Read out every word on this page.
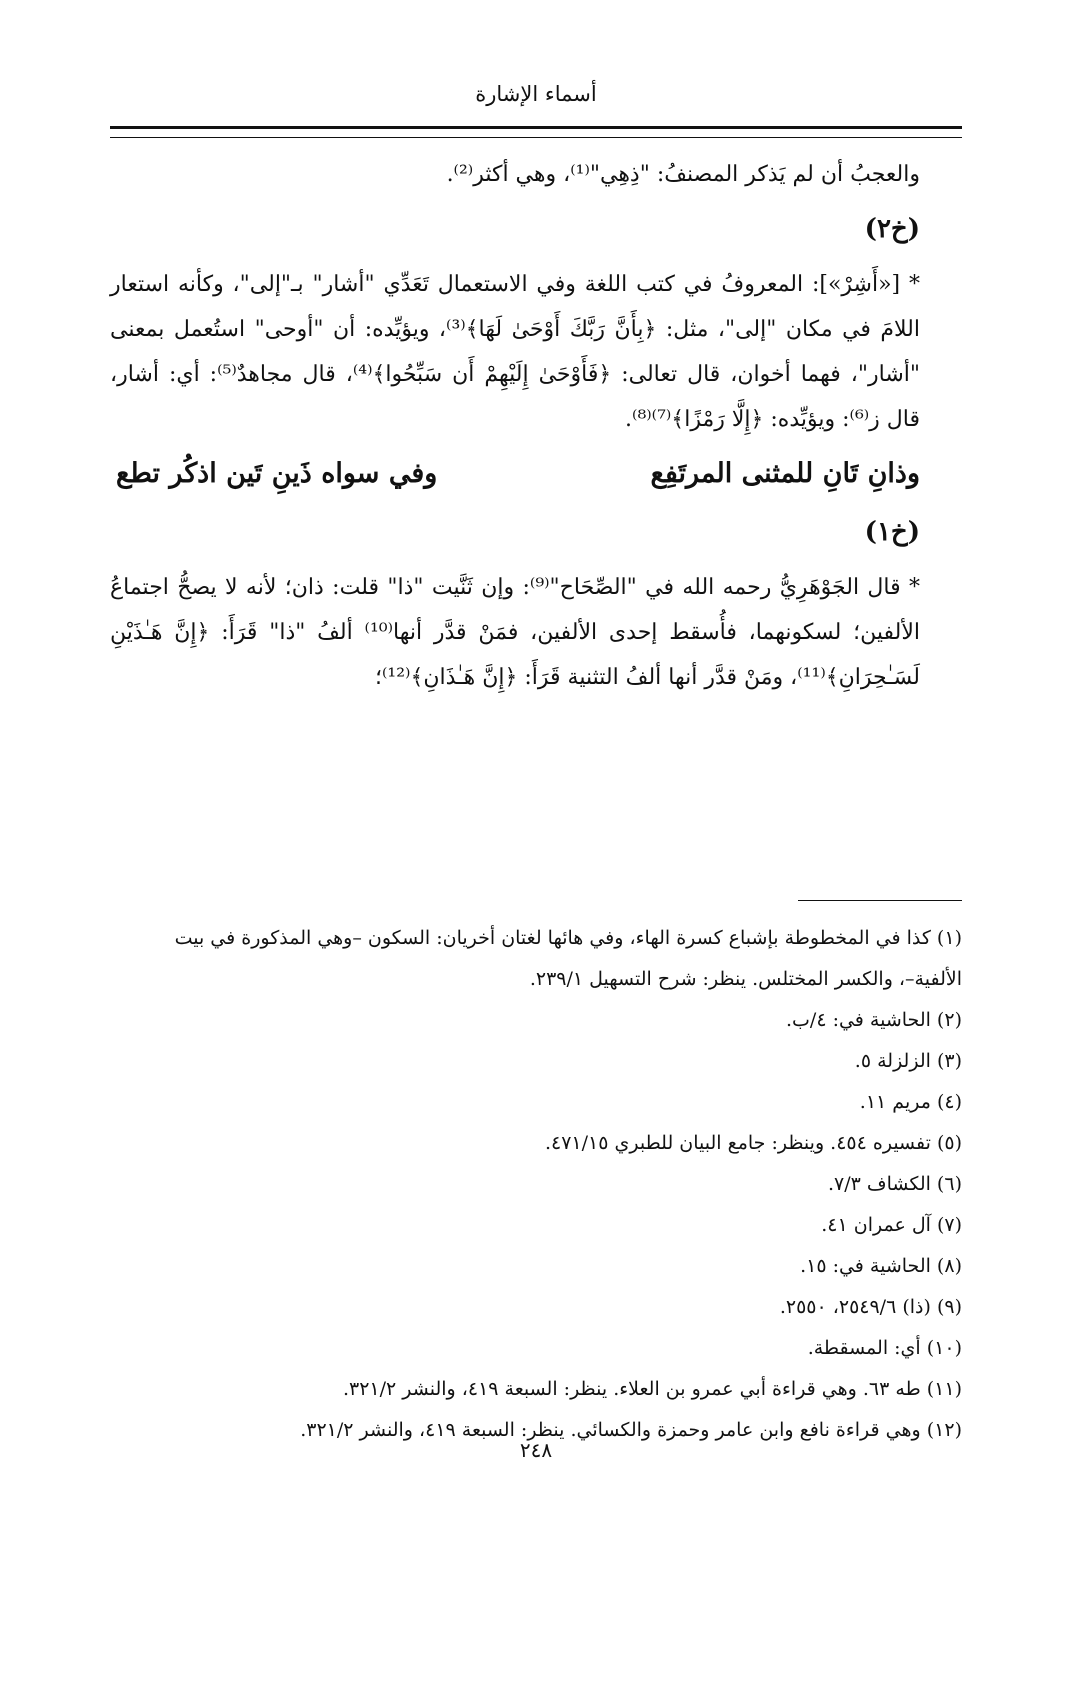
أسماء الإشارة

والعجبُ أن لم يَذكر المصنفُ: "ذِهِي"⁽¹⁾، وهي أكثر⁽²⁾.

(خ٢)

* [«أَشِرْ»]: المعروفُ في كتب اللغة وفي الاستعمال تَعَدِّي "أشار" بـ"إلى"، وكأنه استعار اللامَ في مكان "إلى"، مثل: ﴿بِأَنَّ رَبَّكَ أَوْحَىٰ لَهَا﴾⁽³⁾، ويؤيِّده: أن "أوحى" استُعمل بمعنى "أشار"، فهما أخوان، قال تعالى: ﴿فَأَوْحَىٰ إِلَيْهِمْ أَن سَبِّحُوا﴾⁽⁴⁾، قال مجاهدٌ⁽⁵⁾: أي: أشار، قال ز⁽⁶⁾: ويؤيِّده: ﴿إِلَّا رَمْزًا﴾⁽⁷⁾⁽⁸⁾.

وذانِ تَانِ للمثنى المرتَفِع
وفي سواه ذَينِ تَين اذكُر تطع

(خ١)

* قال الجَوْهَرِيُّ رحمه الله في "الصِّحَاح"⁽⁹⁾: وإن ثَنَّيت "ذا" قلت: ذان؛ لأنه لا يصحُّ اجتماعُ الألفين؛ لسكونهما، فأُسقط إحدى الألفين، فمَنْ قدَّر أنها⁽¹⁰⁾ ألفُ "ذا" قَرَأَ: ﴿إِنَّ هَـٰذَيْنِ لَسَـٰحِرَانِ﴾⁽¹¹⁾، ومَنْ قدَّر أنها ألفُ التثنية قَرَأَ: ﴿إِنَّ هَـٰذَانِ﴾⁽¹²⁾؛

(١) كذا في المخطوطة بإشباع كسرة الهاء، وفي هائها لغتان أخريان: السكون –وهي المذكورة في بيت الألفية–، والكسر المختلس. ينظر: شرح التسهيل ٢٣٩/١.

(٢) الحاشية في: ٤/ب.

(٣) الزلزلة ٥.

(٤) مريم ١١.

(٥) تفسيره ٤٥٤. وينظر: جامع البيان للطبري ٤٧١/١٥.

(٦) الكشاف ٧/٣.

(٧) آل عمران ٤١.

(٨) الحاشية في: ١٥.

(٩) (ذا) ٢٥٤٩/٦، ٢٥٥٠.

(١٠) أي: المسقطة.

(١١) طه ٦٣. وهي قراءة أبي عمرو بن العلاء. ينظر: السبعة ٤١٩، والنشر ٣٢١/٢.

(١٢) وهي قراءة نافع وابن عامر وحمزة والكسائي. ينظر: السبعة ٤١٩، والنشر ٣٢١/٢.

٢٤٨
